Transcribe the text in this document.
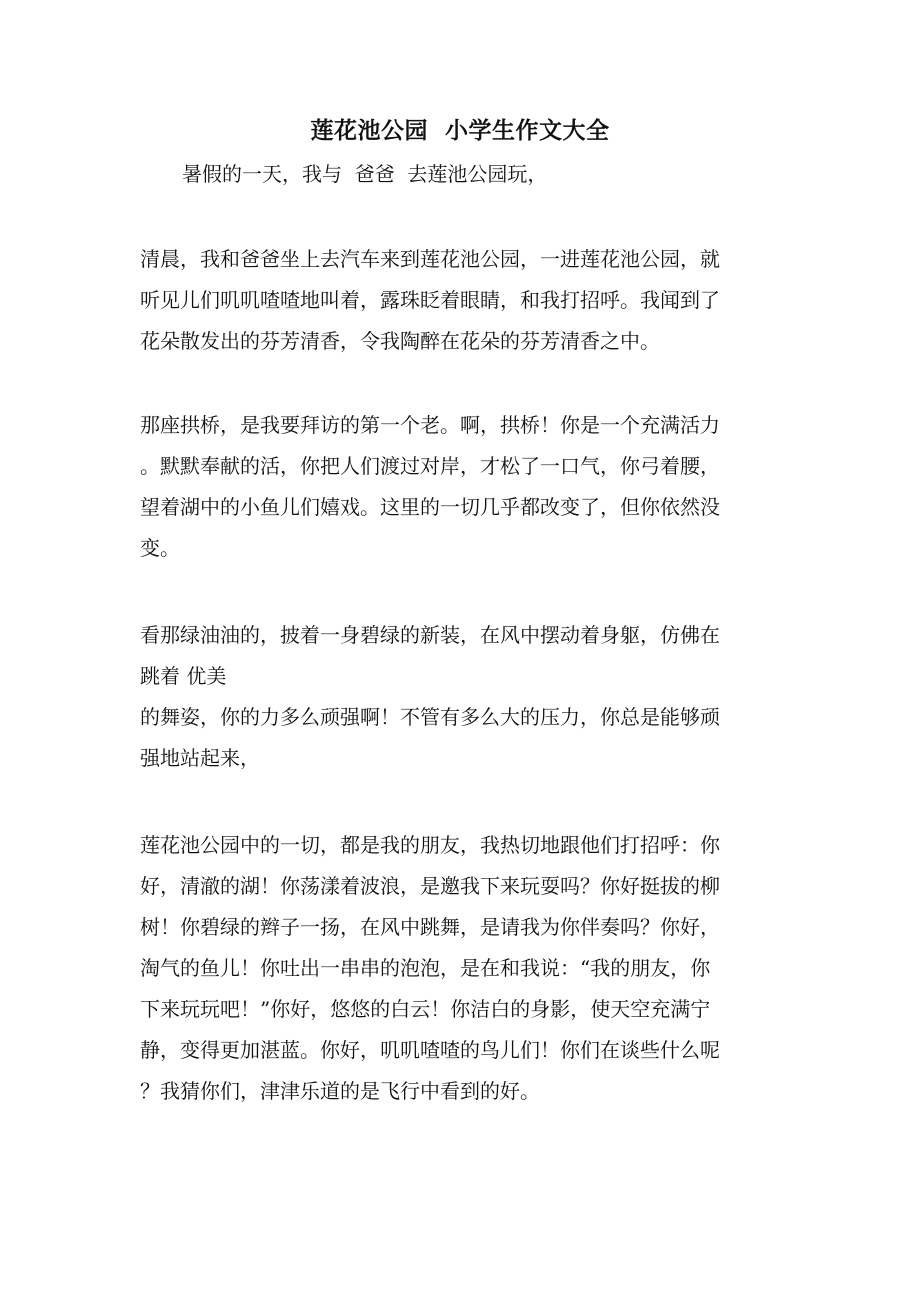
莲花池公园  小学生作文大全
暑假的一天，我与  爸爸  去莲池公园玩，
清晨，我和爸爸坐上去汽车来到莲花池公园，一进莲花池公园，就
听见儿们叽叽喳喳地叫着，露珠眨着眼睛，和我打招呼。我闻到了
花朵散发出的芬芳清香，令我陶醉在花朵的芬芳清香之中。
那座拱桥，是我要拜访的第一个老。啊，拱桥！你是一个充满活力
。默默奉献的活，你把人们渡过对岸，才松了一口气，你弓着腰，
望着湖中的小鱼儿们嬉戏。这里的一切几乎都改变了，但你依然没
变。
看那绿油油的，披着一身碧绿的新装，在风中摆动着身躯，仿佛在
跳着 优美
的舞姿，你的力多么顽强啊！不管有多么大的压力，你总是能够顽
强地站起来，
莲花池公园中的一切，都是我的朋友，我热切地跟他们打招呼：你
好，清澈的湖！你荡漾着波浪，是邀我下来玩耍吗？你好挺拔的柳
树！你碧绿的辫子一扬，在风中跳舞，是请我为你伴奏吗？你好，
淘气的鱼儿！你吐出一串串的泡泡，是在和我说：“我的朋友，你
下来玩玩吧！”你好，悠悠的白云！你洁白的身影，使天空充满宁
静，变得更加湛蓝。你好，叽叽喳喳的鸟儿们！你们在谈些什么呢
？我猜你们，津津乐道的是飞行中看到的好。
